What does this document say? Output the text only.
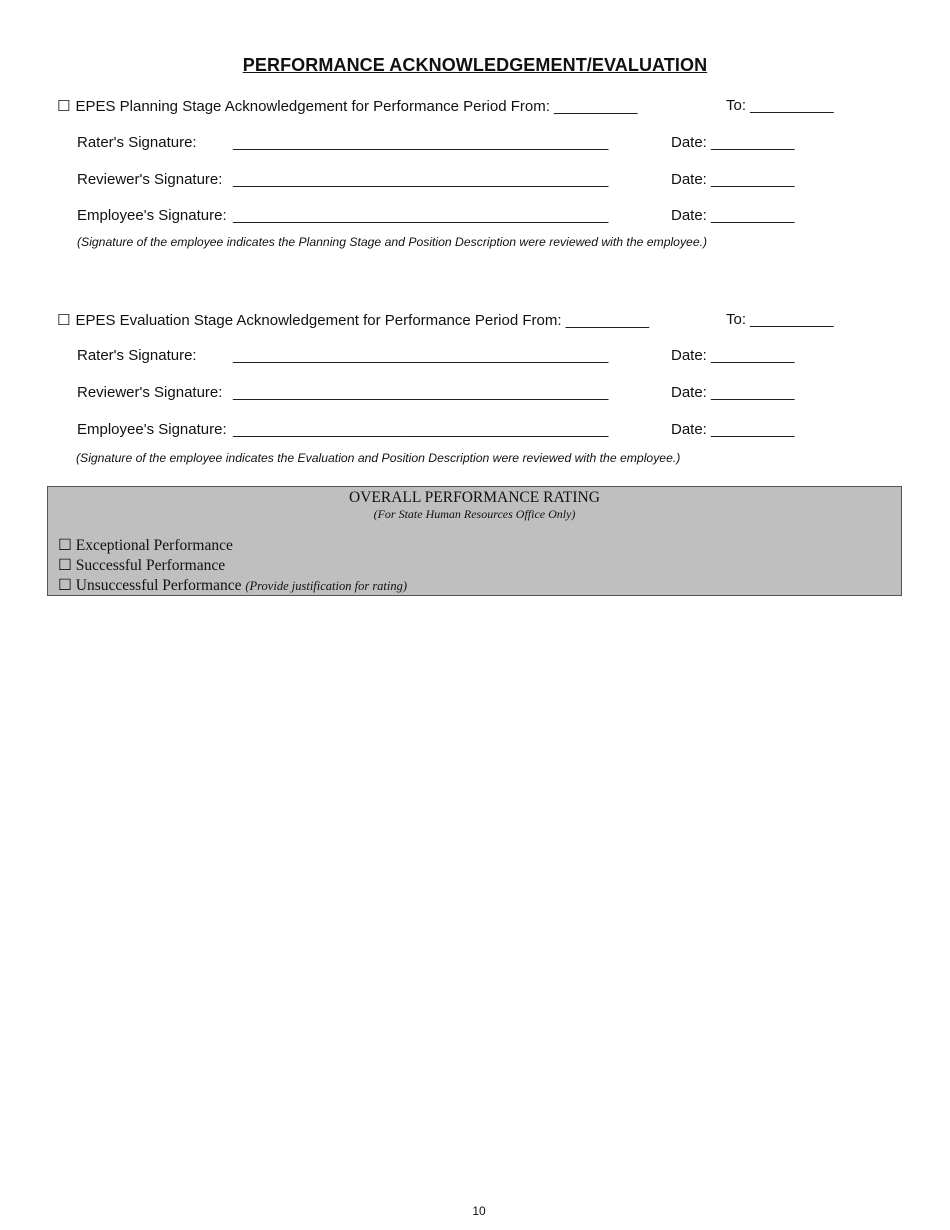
PERFORMANCE ACKNOWLEDGEMENT/EVALUATION
☐ EPES Planning Stage Acknowledgement for Performance Period From: __________	To: __________
Rater's Signature: _____________________________________________	Date: __________
Reviewer's Signature: _____________________________________________	Date: __________
Employee's Signature: _____________________________________________	Date: __________
(Signature of the employee indicates the Planning Stage and Position Description were reviewed with the employee.)
☐ EPES Evaluation Stage Acknowledgement for Performance Period From: __________	To: __________
Rater's Signature: _____________________________________________	Date: __________
Reviewer's Signature: _____________________________________________	Date: __________
Employee's Signature: _____________________________________________	Date: __________
(Signature of the employee indicates the Evaluation and Position Description were reviewed with the employee.)
OVERALL PERFORMANCE RATING
(For State Human Resources Office Only)
☐ Exceptional Performance
☐ Successful Performance
☐ Unsuccessful Performance (Provide justification for rating)
10
